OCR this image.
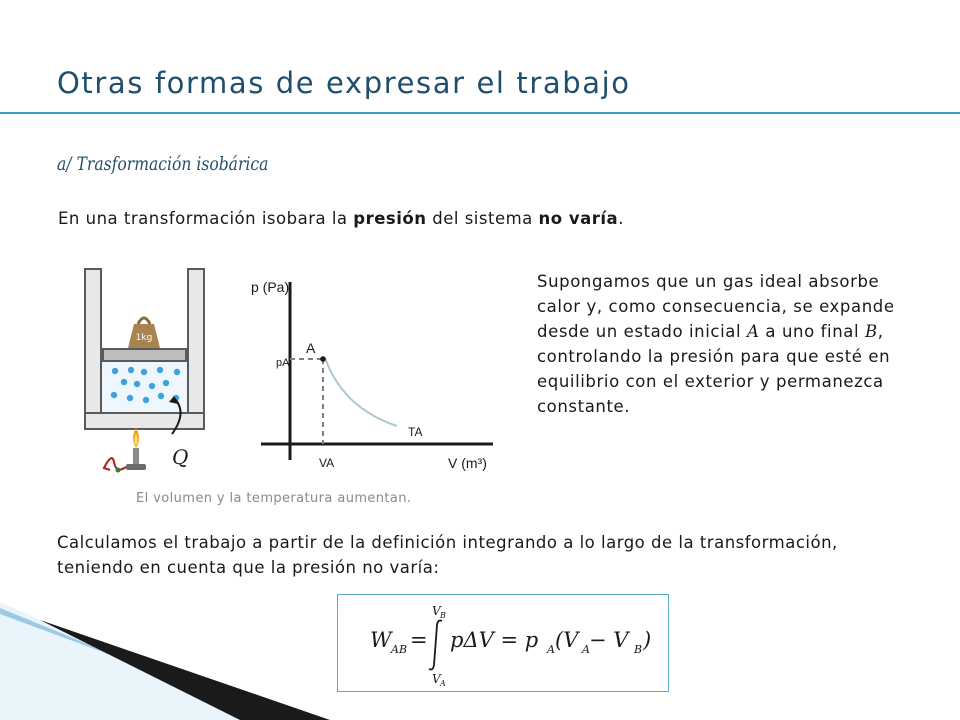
Otras formas de expresar el trabajo
a/ Trasformación isobárica
En una transformación isobara la presión del sistema no varía.
1kg
Q
p (Pa)
V (m³)
A
pA
VA
TA
Supongamos que un gas ideal absorbe calor y, como consecuencia, se expande desde un estado inicial A a uno final B, controlando la presión para que esté en equilibrio con el exterior y permanezca constante.
El volumen y la temperatura aumentan.
Calculamos el trabajo a partir de la definición integrando a lo largo de la transformación, teniendo en cuenta que la presión no varía:
W AB =
V B
V A
pΔV = p A (V A − V B )
